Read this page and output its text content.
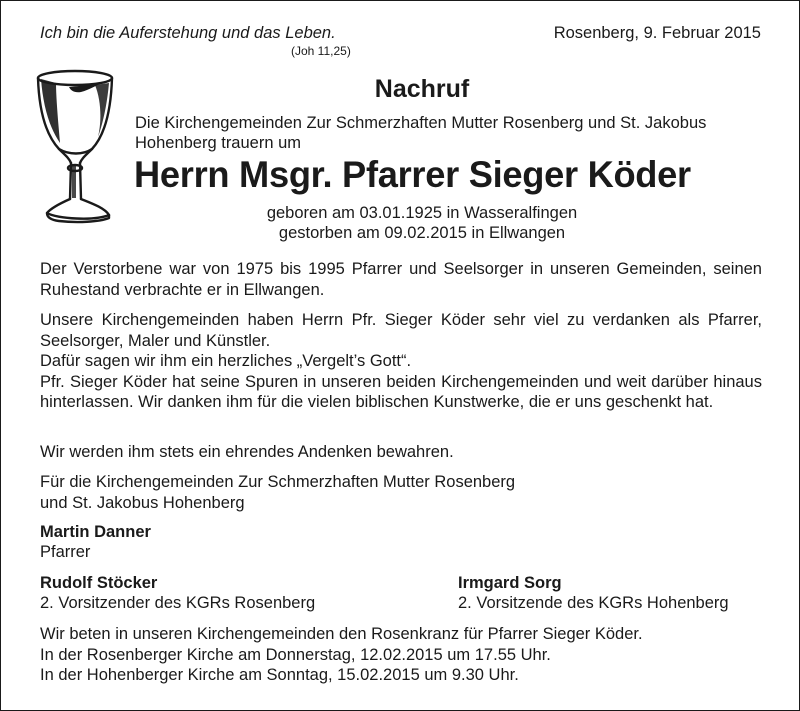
Ich bin die Auferstehung und das Leben.

(Joh 11,25)

Rosenberg, 9. Februar 2015

Nachruf

Die Kirchengemeinden Zur Schmerzhaften Mutter Rosenberg und St. Jakobus Hohenberg trauern um

Herrn Msgr. Pfarrer Sieger Köder
geboren am 03.01.1925 in Wasseralfingen
gestorben am 09.02.2015 in Ellwangen

Der Verstorbene war von 1975 bis 1995 Pfarrer und Seelsorger in unseren Gemeinden, seinen Ruhestand verbrachte er in Ellwangen.

Unsere Kirchengemeinden haben Herrn Pfr. Sieger Köder sehr viel zu verdanken als Pfarrer, Seelsorger, Maler und Künstler.
Dafür sagen wir ihm ein herzliches „Vergelt’s Gott“.
Pfr. Sieger Köder hat seine Spuren in unseren beiden Kirchengemeinden und weit darüber hinaus hinterlassen. Wir danken ihm für die vielen biblischen Kunstwerke, die er uns geschenkt hat.

Wir werden ihm stets ein ehrendes Andenken bewahren.

Für die Kirchengemeinden Zur Schmerzhaften Mutter Rosenberg
und St. Jakobus Hohenberg
Martin Danner
Pfarrer
Rudolf Stöcker
2. Vorsitzender des KGRs Rosenberg
Irmgard Sorg
2. Vorsitzende des KGRs Hohenberg
Wir beten in unseren Kirchengemeinden den Rosenkranz für Pfarrer Sieger Köder.
In der Rosenberger Kirche am Donnerstag, 12.02.2015 um 17.55 Uhr.
In der Hohenberger Kirche am Sonntag, 15.02.2015 um 9.30 Uhr.
